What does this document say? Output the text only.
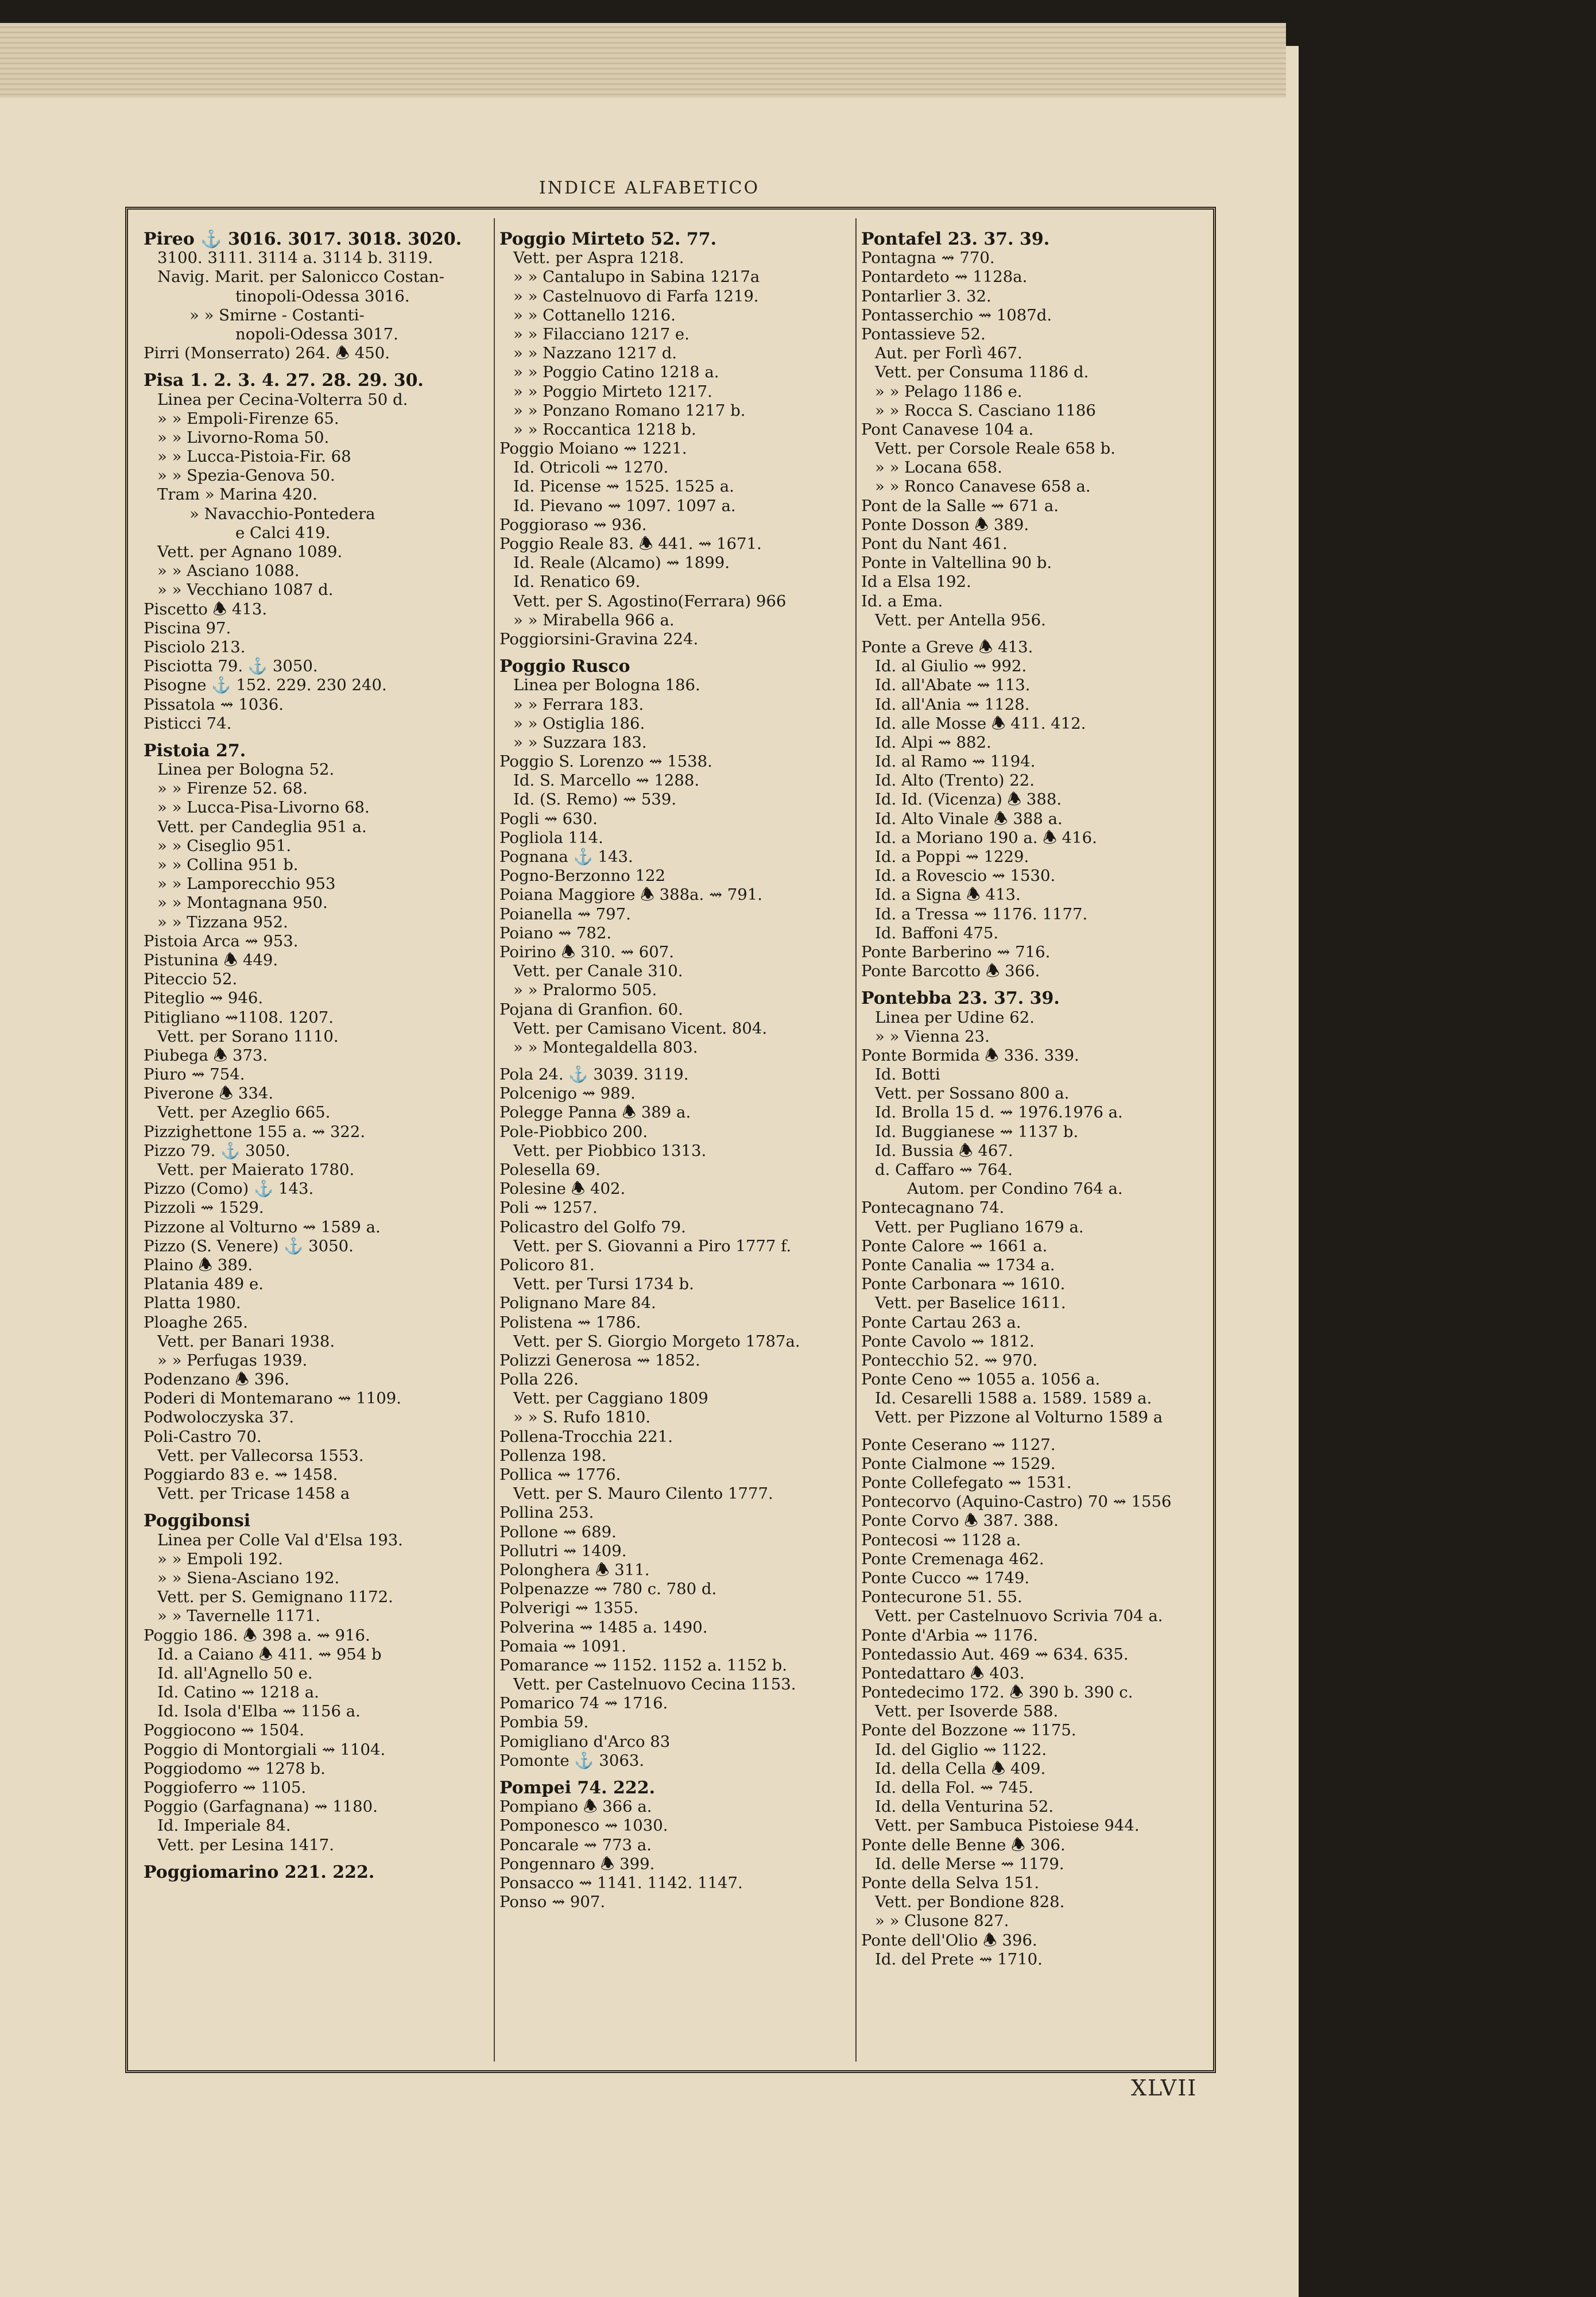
INDICE ALFABETICO
Pireo ⚓ 3016. 3017. 3018. 3020.
3100. 3111. 3114 a. 3114 b. 3119.
Navig. Marit. per Salonicco Costan-
tinopoli-Odessa 3016.
» » Smirne - Costanti-
nopoli-Odessa 3017.
Pirri (Monserrato) 264. 🕭 450.
Pisa 1. 2. 3. 4. 27. 28. 29. 30.
Linea per Cecina-Volterra 50 d.
» » Empoli-Firenze 65.
» » Livorno-Roma 50.
» » Lucca-Pistoia-Fir. 68
» » Spezia-Genova 50.
Tram » Marina 420.
» Navacchio-Pontedera
e Calci 419.
Vett. per Agnano 1089.
» » Asciano 1088.
» » Vecchiano 1087 d.
Piscetto 🕭 413.
Piscina 97.
Pisciolo 213.
Pisciotta 79. ⚓ 3050.
Pisogne ⚓ 152. 229. 230 240.
Pissatola ⇝ 1036.
Pisticci 74.
Pistoia 27.
Linea per Bologna 52.
» » Firenze 52. 68.
» » Lucca-Pisa-Livorno 68.
Vett. per Candeglia 951 a.
» » Ciseglio 951.
» » Collina 951 b.
» » Lamporecchio 953
» » Montagnana 950.
» » Tizzana 952.
Pistoia Arca ⇝ 953.
Pistunina 🕭 449.
Piteccio 52.
Piteglio ⇝ 946.
Pitigliano ⇝1108. 1207.
Vett. per Sorano 1110.
Piubega 🕭 373.
Piuro ⇝ 754.
Piverone 🕭 334.
Vett. per Azeglio 665.
Pizzighettone 155 a. ⇝ 322.
Pizzo 79. ⚓ 3050.
Vett. per Maierato 1780.
Pizzo (Como) ⚓ 143.
Pizzoli ⇝ 1529.
Pizzone al Volturno ⇝ 1589 a.
Pizzo (S. Venere) ⚓ 3050.
Plaino 🕭 389.
Platania 489 e.
Platta 1980.
Ploaghe 265.
Vett. per Banari 1938.
» » Perfugas 1939.
Podenzano 🕭 396.
Poderi di Montemarano ⇝ 1109.
Podwoloczyska 37.
Poli-Castro 70.
Vett. per Vallecorsa 1553.
Poggiardo 83 e. ⇝ 1458.
Vett. per Tricase 1458 a
Poggibonsi
Linea per Colle Val d'Elsa 193.
» » Empoli 192.
» » Siena-Asciano 192.
Vett. per S. Gemignano 1172.
» » Tavernelle 1171.
Poggio 186. 🕭 398 a. ⇝ 916.
Id. a Caiano 🕭 411. ⇝ 954 b
Id. all'Agnello 50 e.
Id. Catino ⇝ 1218 a.
Id. Isola d'Elba ⇝ 1156 a.
Poggiocono ⇝ 1504.
Poggio di Montorgiali ⇝ 1104.
Poggiodomo ⇝ 1278 b.
Poggioferro ⇝ 1105.
Poggio (Garfagnana) ⇝ 1180.
Id. Imperiale 84.
Vett. per Lesina 1417.
Poggiomarino 221. 222.
Poggio Mirteto 52. 77.
Vett. per Aspra 1218.
» » Cantalupo in Sabina 1217a
» » Castelnuovo di Farfa 1219.
» » Cottanello 1216.
» » Filacciano 1217 e.
» » Nazzano 1217 d.
» » Poggio Catino 1218 a.
» » Poggio Mirteto 1217.
» » Ponzano Romano 1217 b.
» » Roccantica 1218 b.
Poggio Moiano ⇝ 1221.
Id. Otricoli ⇝ 1270.
Id. Picense ⇝ 1525. 1525 a.
Id. Pievano ⇝ 1097. 1097 a.
Poggioraso ⇝ 936.
Poggio Reale 83. 🕭 441. ⇝ 1671.
Id. Reale (Alcamo) ⇝ 1899.
Id. Renatico 69.
Vett. per S. Agostino(Ferrara) 966
» » Mirabella 966 a.
Poggiorsini-Gravina 224.
Poggio Rusco
Linea per Bologna 186.
» » Ferrara 183.
» » Ostiglia 186.
» » Suzzara 183.
Poggio S. Lorenzo ⇝ 1538.
Id. S. Marcello ⇝ 1288.
Id. (S. Remo) ⇝ 539.
Pogli ⇝ 630.
Pogliola 114.
Pognana ⚓ 143.
Pogno-Berzonno 122
Poiana Maggiore 🕭 388a. ⇝ 791.
Poianella ⇝ 797.
Poiano ⇝ 782.
Poirino 🕭 310. ⇝ 607.
Vett. per Canale 310.
» » Pralormo 505.
Pojana di Granfion. 60.
Vett. per Camisano Vicent. 804.
» » Montegaldella 803.
Pola 24. ⚓ 3039. 3119.
Polcenigo ⇝ 989.
Polegge Panna 🕭 389 a.
Pole-Piobbico 200.
Vett. per Piobbico 1313.
Polesella 69.
Polesine 🕭 402.
Poli ⇝ 1257.
Policastro del Golfo 79.
Vett. per S. Giovanni a Piro 1777 f.
Policoro 81.
Vett. per Tursi 1734 b.
Polignano Mare 84.
Polistena ⇝ 1786.
Vett. per S. Giorgio Morgeto 1787a.
Polizzi Generosa ⇝ 1852.
Polla 226.
Vett. per Caggiano 1809
» » S. Rufo 1810.
Pollena-Trocchia 221.
Pollenza 198.
Pollica ⇝ 1776.
Vett. per S. Mauro Cilento 1777.
Pollina 253.
Pollone ⇝ 689.
Pollutri ⇝ 1409.
Polonghera 🕭 311.
Polpenazze ⇝ 780 c. 780 d.
Polverigi ⇝ 1355.
Polverina ⇝ 1485 a. 1490.
Pomaia ⇝ 1091.
Pomarance ⇝ 1152. 1152 a. 1152 b.
Vett. per Castelnuovo Cecina 1153.
Pomarico 74 ⇝ 1716.
Pombia 59.
Pomigliano d'Arco 83
Pomonte ⚓ 3063.
Pompei 74. 222.
Pompiano 🕭 366 a.
Pomponesco ⇝ 1030.
Poncarale ⇝ 773 a.
Pongennaro 🕭 399.
Ponsacco ⇝ 1141. 1142. 1147.
Ponso ⇝ 907.
Pontafel 23. 37. 39.
Pontagna ⇝ 770.
Pontardeto ⇝ 1128a.
Pontarlier 3. 32.
Pontasserchio ⇝ 1087d.
Pontassieve 52.
Aut. per Forlì 467.
Vett. per Consuma 1186 d.
» » Pelago 1186 e.
» » Rocca S. Casciano 1186
Pont Canavese 104 a.
Vett. per Corsole Reale 658 b.
» » Locana 658.
» » Ronco Canavese 658 a.
Pont de la Salle ⇝ 671 a.
Ponte Dosson 🕭 389.
Pont du Nant 461.
Ponte in Valtellina 90 b.
Id a Elsa 192.
Id. a Ema.
Vett. per Antella 956.
Ponte a Greve 🕭 413.
Id. al Giulio ⇝ 992.
Id. all'Abate ⇝ 113.
Id. all'Ania ⇝ 1128.
Id. alle Mosse 🕭 411. 412.
Id. Alpi ⇝ 882.
Id. al Ramo ⇝ 1194.
Id. Alto (Trento) 22.
Id. Id. (Vicenza) 🕭 388.
Id. Alto Vinale 🕭 388 a.
Id. a Moriano 190 a. 🕭 416.
Id. a Poppi ⇝ 1229.
Id. a Rovescio ⇝ 1530.
Id. a Signa 🕭 413.
Id. a Tressa ⇝ 1176. 1177.
Id. Baffoni 475.
Ponte Barberino ⇝ 716.
Ponte Barcotto 🕭 366.
Pontebba 23. 37. 39.
Linea per Udine 62.
» » Vienna 23.
Ponte Bormida 🕭 336. 339.
Id. Botti
Vett. per Sossano 800 a.
Id. Brolla 15 d. ⇝ 1976.1976 a.
Id. Buggianese ⇝ 1137 b.
Id. Bussia 🕭 467.
d. Caffaro ⇝ 764.
Autom. per Condino 764 a.
Pontecagnano 74.
Vett. per Pugliano 1679 a.
Ponte Calore ⇝ 1661 a.
Ponte Canalia ⇝ 1734 a.
Ponte Carbonara ⇝ 1610.
Vett. per Baselice 1611.
Ponte Cartau 263 a.
Ponte Cavolo ⇝ 1812.
Pontecchio 52. ⇝ 970.
Ponte Ceno ⇝ 1055 a. 1056 a.
Id. Cesarelli 1588 a. 1589. 1589 a.
Vett. per Pizzone al Volturno 1589 a
Ponte Ceserano ⇝ 1127.
Ponte Cialmone ⇝ 1529.
Ponte Collefegato ⇝ 1531.
Pontecorvo (Aquino-Castro) 70 ⇝ 1556
Ponte Corvo 🕭 387. 388.
Pontecosi ⇝ 1128 a.
Ponte Cremenaga 462.
Ponte Cucco ⇝ 1749.
Pontecurone 51. 55.
Vett. per Castelnuovo Scrivia 704 a.
Ponte d'Arbia ⇝ 1176.
Pontedassio Aut. 469 ⇝ 634. 635.
Pontedattaro 🕭 403.
Pontedecimo 172. 🕭 390 b. 390 c.
Vett. per Isoverde 588.
Ponte del Bozzone ⇝ 1175.
Id. del Giglio ⇝ 1122.
Id. della Cella 🕭 409.
Id. della Fol. ⇝ 745.
Id. della Venturina 52.
Vett. per Sambuca Pistoiese 944.
Ponte delle Benne 🕭 306.
Id. delle Merse ⇝ 1179.
Ponte della Selva 151.
Vett. per Bondione 828.
» » Clusone 827.
Ponte dell'Olio 🕭 396.
Id. del Prete ⇝ 1710.
XLVII
